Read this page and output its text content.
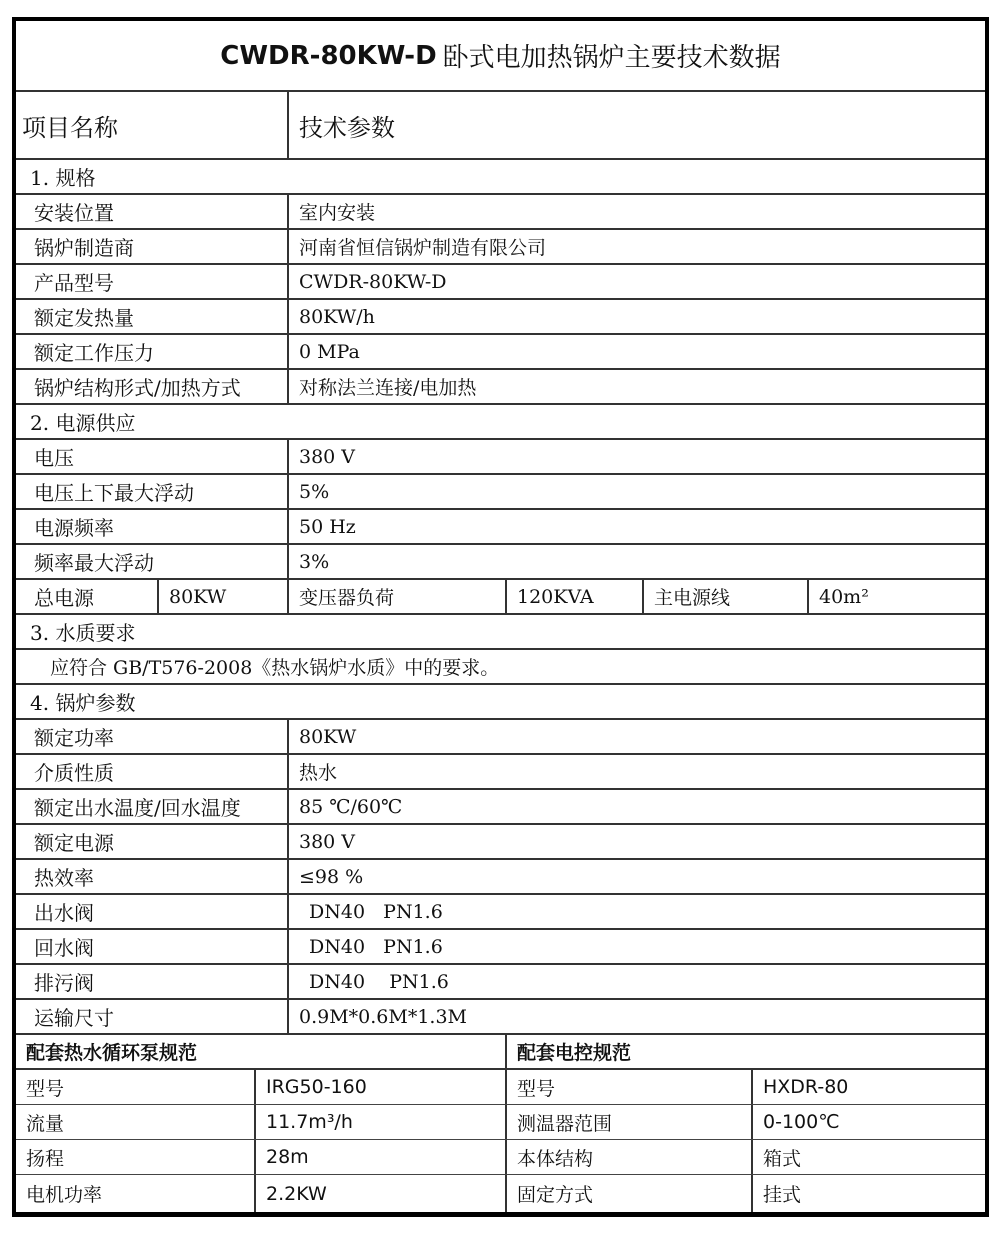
CWDR-80KW-D 卧式电加热锅炉主要技术数据
项目名称	技术参数
1. 规格
安装位置	室内安装
锅炉制造商	河南省恒信锅炉制造有限公司
产品型号	CWDR-80KW-D
额定发热量	80KW/h
额定工作压力	0 MPa
锅炉结构形式/加热方式	对称法兰连接/电加热
2. 电源供应
电压	380 V
电压上下最大浮动	5%
电源频率	50 Hz
频率最大浮动	3%
总电源	80KW	变压器负荷	120KVA	主电源线	40m²
3. 水质要求
应符合 GB/T576-2008《热水锅炉水质》中的要求。
4. 锅炉参数
额定功率	80KW
介质性质	热水
额定出水温度/回水温度	85 ℃/60℃
额定电源	380 V
热效率	≤98 %
出水阀	DN40   PN1.6
回水阀	DN40   PN1.6
排污阀	DN40    PN1.6
运输尺寸	0.9M*0.6M*1.3M
配套热水循环泵规范	配套电控规范
型号	IRG50-160	型号	HXDR-80
流量	11.7m³/h	测温器范围	0-100℃
扬程	28m	本体结构	箱式
电机功率	2.2KW	固定方式	挂式
